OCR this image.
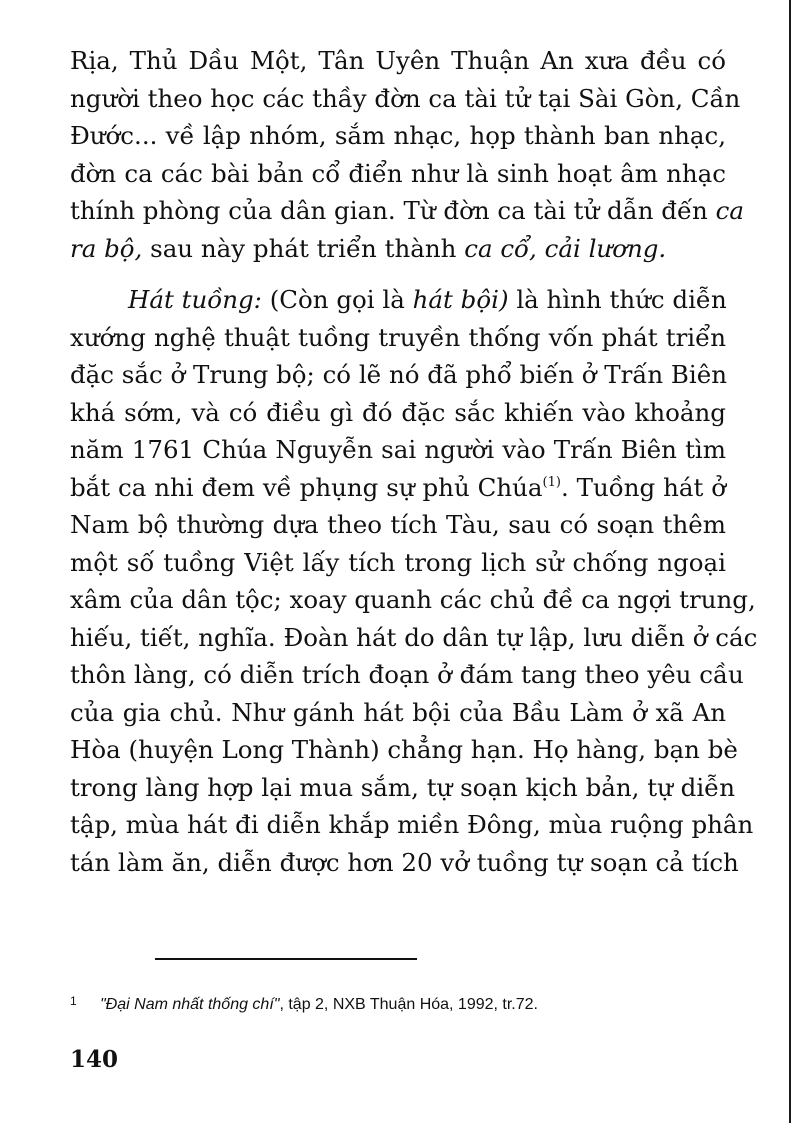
Rịa, Thủ Dầu Một, Tân Uyên Thuận An xưa đều có
người theo học các thầy đờn ca tài tử tại Sài Gòn, Cần
Đước... về lập nhóm, sắm nhạc, họp thành ban nhạc,
đờn ca các bài bản cổ điển như là sinh hoạt âm nhạc
thính phòng của dân gian. Từ đờn ca tài tử dẫn đến ca
ra bộ, sau này phát triển thành ca cổ, cải lương.

Hát tuồng: (Còn gọi là hát bội) là hình thức diễn
xướng nghệ thuật tuồng truyền thống vốn phát triển
đặc sắc ở Trung bộ; có lẽ nó đã phổ biến ở Trấn Biên
khá sớm, và có điều gì đó đặc sắc khiến vào khoảng
năm 1761 Chúa Nguyễn sai người vào Trấn Biên tìm
bắt ca nhi đem về phụng sự phủ Chúa$^{(1)}$. Tuồng hát ở
Nam bộ thường dựa theo tích Tàu, sau có soạn thêm
một số tuồng Việt lấy tích trong lịch sử chống ngoại
xâm của dân tộc; xoay quanh các chủ đề ca ngợi trung,
hiếu, tiết, nghĩa. Đoàn hát do dân tự lập, lưu diễn ở các
thôn làng, có diễn trích đoạn ở đám tang theo yêu cầu
của gia chủ. Như gánh hát bội của Bầu Làm ở xã An
Hòa (huyện Long Thành) chẳng hạn. Họ hàng, bạn bè
trong làng hợp lại mua sắm, tự soạn kịch bản, tự diễn
tập, mùa hát đi diễn khắp miền Đông, mùa ruộng phân
tán làm ăn, diễn được hơn 20 vở tuồng tự soạn cả tích

1 "Đại Nam nhất thống chí", tập 2, NXB Thuận Hóa, 1992, tr.72.
140
